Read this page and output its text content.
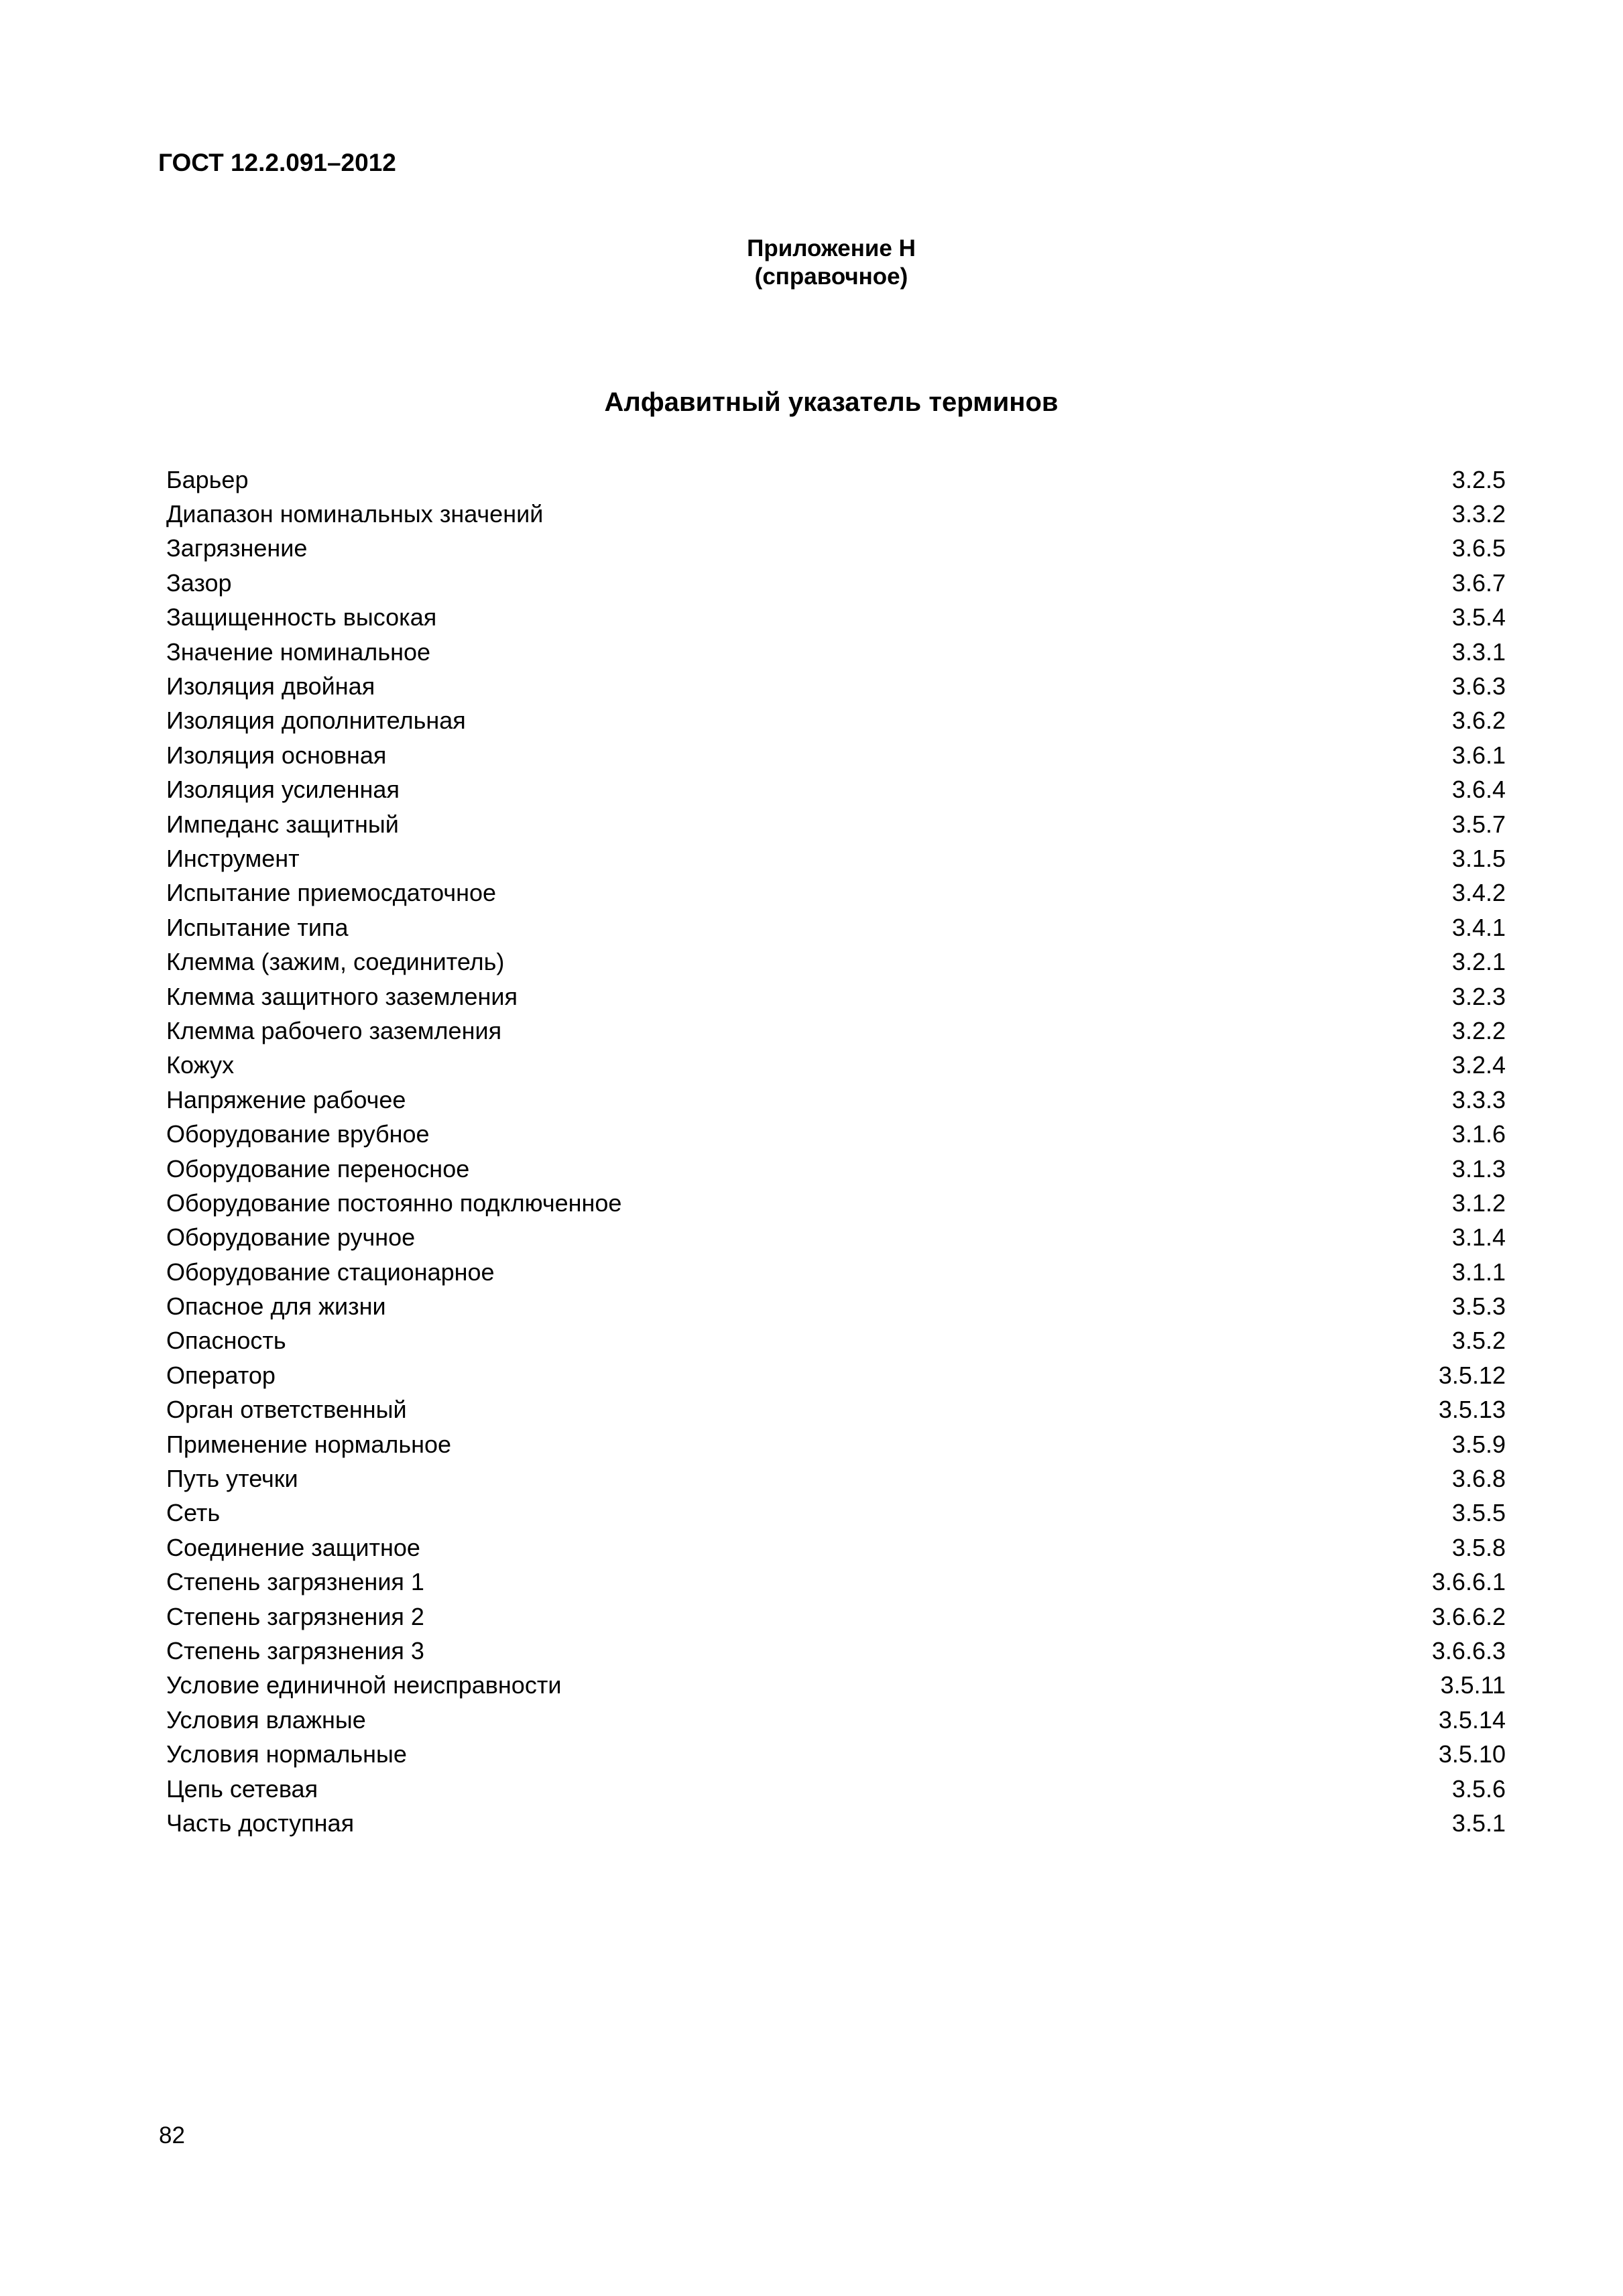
ГОСТ 12.2.091–2012
Приложение Н
(справочное)
Алфавитный указатель терминов
Барьер	3.2.5
Диапазон номинальных значений	3.3.2
Загрязнение	3.6.5
Зазор	3.6.7
Защищенность высокая	3.5.4
Значение номинальное	3.3.1
Изоляция двойная	3.6.3
Изоляция дополнительная	3.6.2
Изоляция основная	3.6.1
Изоляция усиленная	3.6.4
Импеданс защитный	3.5.7
Инструмент	3.1.5
Испытание приемосдаточное	3.4.2
Испытание типа	3.4.1
Клемма (зажим, соединитель)	3.2.1
Клемма защитного заземления	3.2.3
Клемма рабочего заземления	3.2.2
Кожух	3.2.4
Напряжение рабочее	3.3.3
Оборудование врубное	3.1.6
Оборудование переносное	3.1.3
Оборудование постоянно подключенное	3.1.2
Оборудование ручное	3.1.4
Оборудование стационарное	3.1.1
Опасное для жизни	3.5.3
Опасность	3.5.2
Оператор	3.5.12
Орган ответственный	3.5.13
Применение нормальное	3.5.9
Путь утечки	3.6.8
Сеть	3.5.5
Соединение защитное	3.5.8
Степень загрязнения 1	3.6.6.1
Степень загрязнения 2	3.6.6.2
Степень загрязнения 3	3.6.6.3
Условие единичной неисправности	3.5.11
Условия влажные	3.5.14
Условия нормальные	3.5.10
Цепь сетевая	3.5.6
Часть доступная	3.5.1
82
